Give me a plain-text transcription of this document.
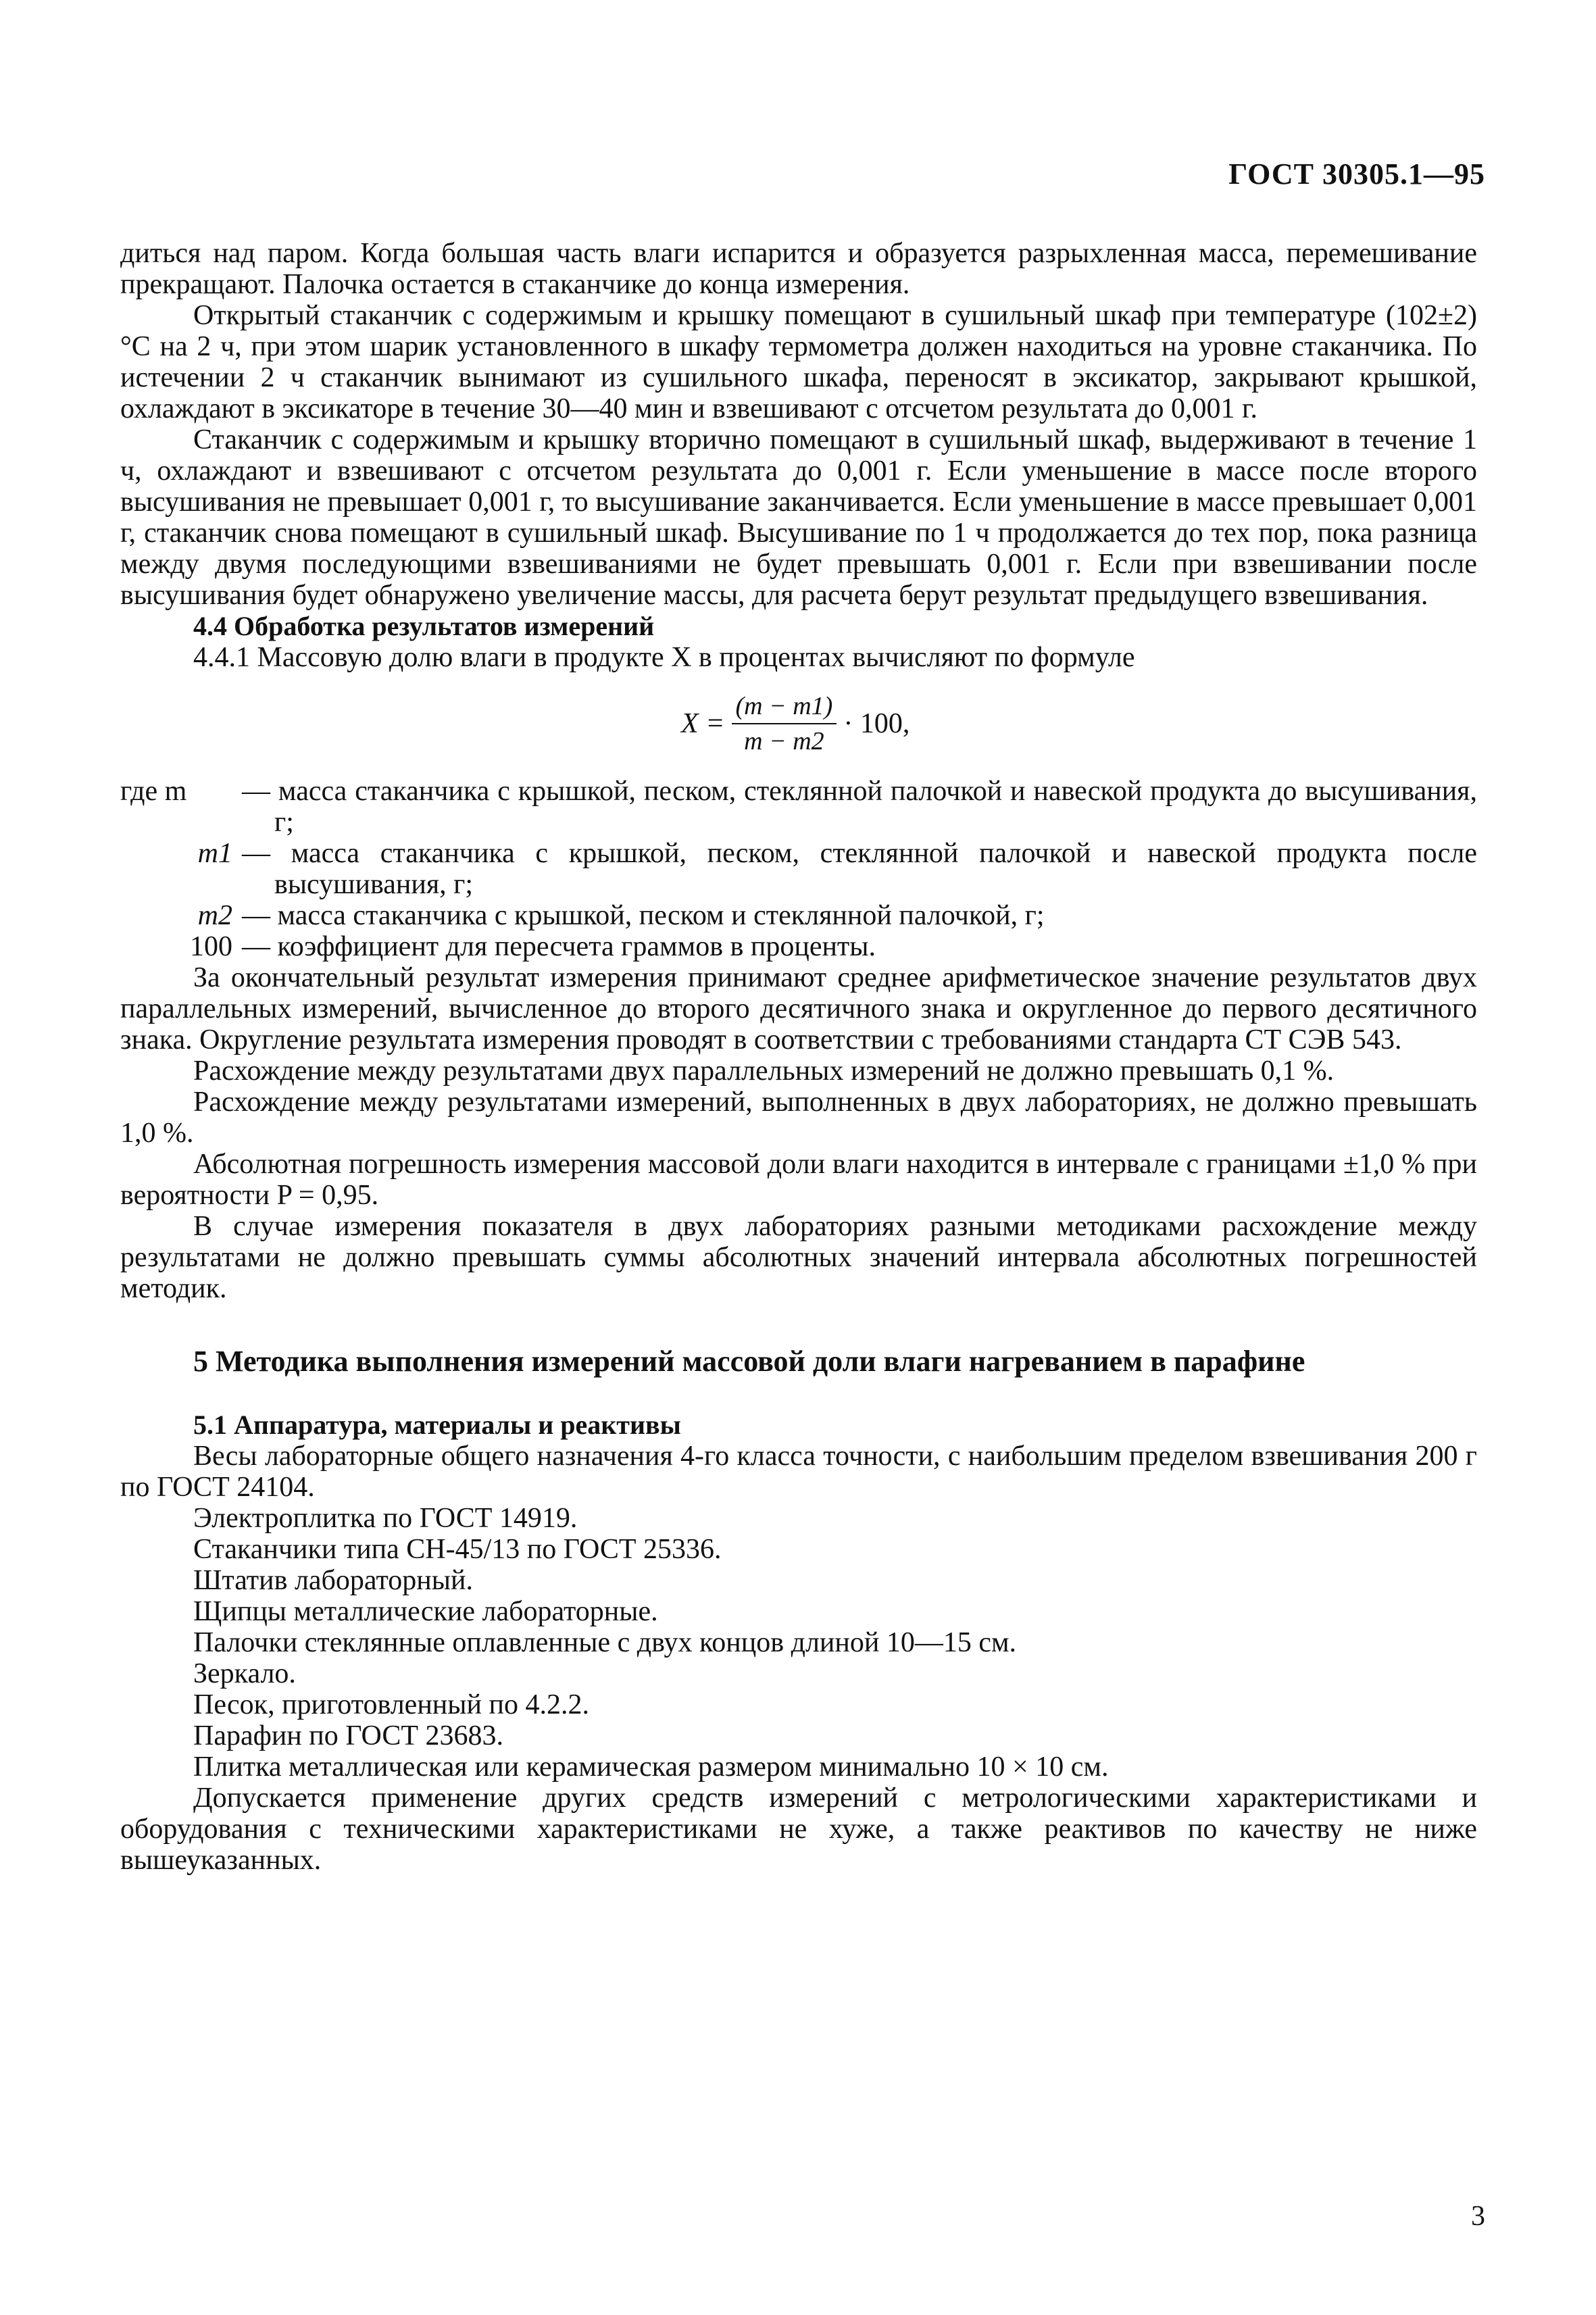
ГОСТ 30305.1—95

диться над паром. Когда большая часть влаги испарится и образуется разрыхленная масса, перемешивание прекращают. Палочка остается в стаканчике до конца измерения.

Открытый стаканчик с содержимым и крышку помещают в сушильный шкаф при температуре (102±2) °С на 2 ч, при этом шарик установленного в шкафу термометра должен находиться на уровне стаканчика. По истечении 2 ч стаканчик вынимают из сушильного шкафа, переносят в эксикатор, закрывают крышкой, охлаждают в эксикаторе в течение 30—40 мин и взвешивают с отсчетом результата до 0,001 г.

Стаканчик с содержимым и крышку вторично помещают в сушильный шкаф, выдерживают в течение 1 ч, охлаждают и взвешивают с отсчетом результата до 0,001 г. Если уменьшение в массе после второго высушивания не превышает 0,001 г, то высушивание заканчивается. Если уменьшение в массе превышает 0,001 г, стаканчик снова помещают в сушильный шкаф. Высушивание по 1 ч продолжается до тех пор, пока разница между двумя последующими взвешиваниями не будет превышать 0,001 г. Если при взвешивании после высушивания будет обнаружено увеличение массы, для расчета берут результат предыдущего взвешивания.

4.4 Обработка результатов измерений

4.4.1 Массовую долю влаги в продукте X в процентах вычисляют по формуле

$X = \frac{(m - m1)}{m - m2} \cdot 100$,
где m	— масса стаканчика с крышкой, песком, стеклянной палочкой и навеской продукта до высушивания, г;
m1 — масса стаканчика с крышкой, песком, стеклянной палочкой и навеской продукта после высушивания, г;
m2 — масса стаканчика с крышкой, песком и стеклянной палочкой, г;
100 — коэффициент для пересчета граммов в проценты.

За окончательный результат измерения принимают среднее арифметическое значение результатов двух параллельных измерений, вычисленное до второго десятичного знака и округленное до первого десятичного знака. Округление результата измерения проводят в соответствии с требованиями стандарта СТ СЭВ 543.

Расхождение между результатами двух параллельных измерений не должно превышать 0,1 %.

Расхождение между результатами измерений, выполненных в двух лабораториях, не должно превышать 1,0 %.

Абсолютная погрешность измерения массовой доли влаги находится в интервале с границами ±1,0 % при вероятности P = 0,95.

В случае измерения показателя в двух лабораториях разными методиками расхождение между результатами не должно превышать суммы абсолютных значений интервала абсолютных погрешностей методик.

5 Методика выполнения измерений массовой доли влаги нагреванием в парафине
5.1 Аппаратура, материалы и реактивы

Весы лабораторные общего назначения 4-го класса точности, с наибольшим пределом взвешивания 200 г по ГОСТ 24104.

Электроплитка по ГОСТ 14919.

Стаканчики типа СН-45/13 по ГОСТ 25336.

Штатив лабораторный.

Щипцы металлические лабораторные.

Палочки стеклянные оплавленные с двух концов длиной 10—15 см.

Зеркало.

Песок, приготовленный по 4.2.2.

Парафин по ГОСТ 23683.

Плитка металлическая или керамическая размером минимально 10 × 10 см.

Допускается применение других средств измерений с метрологическими характеристиками и оборудования с техническими характеристиками не хуже, а также реактивов по качеству не ниже вышеуказанных.

3
